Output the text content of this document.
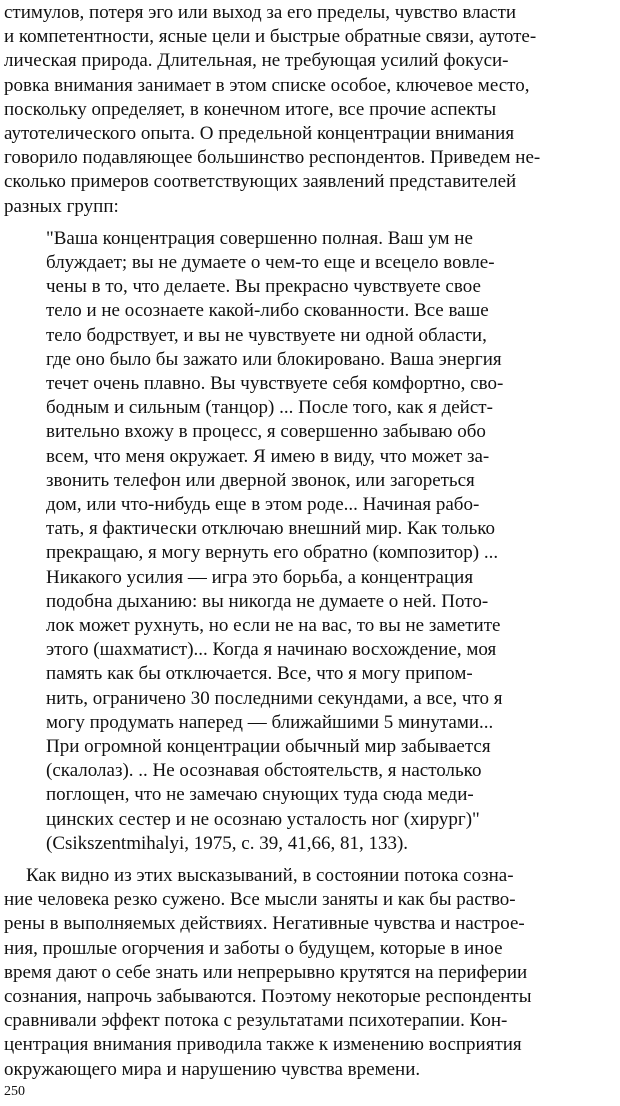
стимулов, потеря эго или выход за его пределы, чувство власти
и компетентности, ясные цели и быстрые обратные связи, аутоте-
лическая природа. Длительная, не требующая усилий фокуси-
ровка внимания занимает в этом списке особое, ключевое место,
поскольку определяет, в конечном итоге, все прочие аспекты
аутотелического опыта. О предельной концентрации внимания
говорило подавляющее большинство респондентов. Приведем не-
сколько примеров соответствующих заявлений представителей
разных групп:
"Ваша концентрация совершенно полная. Ваш ум не
блуждает; вы не думаете о чем-то еще и всецело вовле-
чены в то, что делаете. Вы прекрасно чувствуете свое
тело и не осознаете какой-либо скованности. Все ваше
тело бодрствует, и вы не чувствуете ни одной области,
где оно было бы зажато или блокировано. Ваша энергия
течет очень плавно. Вы чувствуете себя комфортно, сво-
бодным и сильным (танцор) ... После того, как я дейст-
вительно вхожу в процесс, я совершенно забываю обо
всем, что меня окружает. Я имею в виду, что может за-
звонить телефон или дверной звонок, или загореться
дом, или что-нибудь еще в этом роде... Начиная рабо-
тать, я фактически отключаю внешний мир. Как только
прекращаю, я могу вернуть его обратно (композитор) ...
Никакого усилия — игра это борьба, а концентрация
подобна дыханию: вы никогда не думаете о ней. Пото-
лок может рухнуть, но если не на вас, то вы не заметите
этого (шахматист)... Когда я начинаю восхождение, моя
память как бы отключается. Все, что я могу припом-
нить, ограничено 30 последними секундами, а все, что я
могу продумать наперед — ближайшими 5 минутами...
При огромной концентрации обычный мир забывается
(скалолаз). .. Не осознавая обстоятельств, я настолько
поглощен, что не замечаю снующих туда сюда меди-
цинских сестер и не осознаю усталость ног (хирург)"
(Csikszentmihalyi, 1975, с. 39, 41,66, 81, 133).
Как видно из этих высказываний, в состоянии потока созна-
ние человека резко сужено. Все мысли заняты и как бы раство-
рены в выполняемых действиях. Негативные чувства и настрое-
ния, прошлые огорчения и заботы о будущем, которые в иное
время дают о себе знать или непрерывно крутятся на периферии
сознания, напрочь забываются. Поэтому некоторые респонденты
сравнивали эффект потока с результатами психотерапии. Кон-
центрация внимания приводила также к изменению восприятия
окружающего мира и нарушению чувства времени.
250
